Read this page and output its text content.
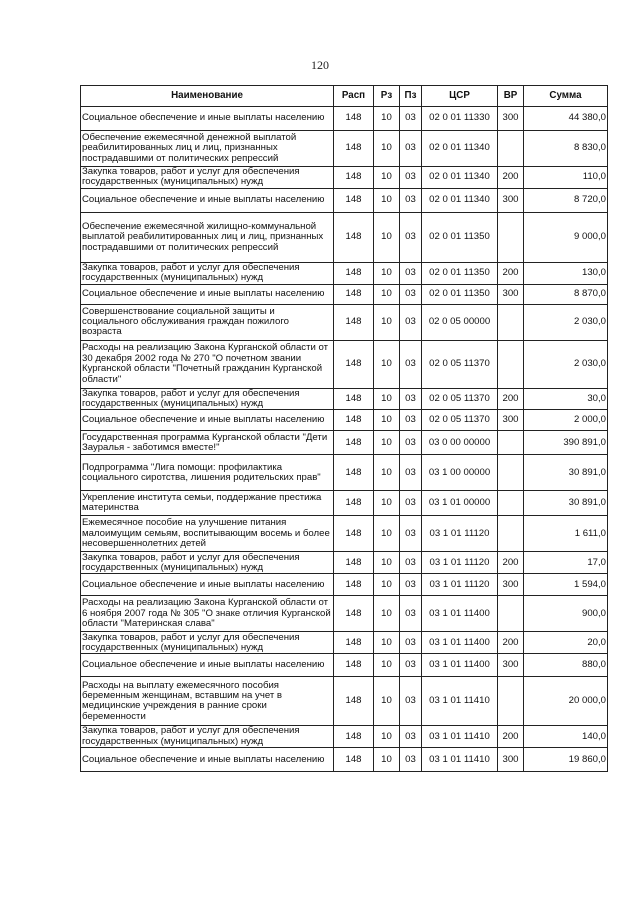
120
Наименование	Расп	Рз	Пз	ЦСР	ВР	Сумма
Социальное обеспечение и иные выплаты населению	148	10	03	02 0 01 11330	300	44 380,0
Обеспечение ежемесячной денежной выплатой реабилитированных лиц и лиц, признанных пострадавшими от политических репрессий	148	10	03	02 0 01 11340		8 830,0
Закупка товаров, работ и услуг для обеспечения государственных (муниципальных) нужд	148	10	03	02 0 01 11340	200	110,0
Социальное обеспечение и иные выплаты населению	148	10	03	02 0 01 11340	300	8 720,0
Обеспечение ежемесячной жилищно-коммунальной выплатой реабилитированных лиц и лиц, признанных пострадавшими от политических репрессий	148	10	03	02 0 01 11350		9 000,0
Закупка товаров, работ и услуг для обеспечения государственных (муниципальных) нужд	148	10	03	02 0 01 11350	200	130,0
Социальное обеспечение и иные выплаты населению	148	10	03	02 0 01 11350	300	8 870,0
Совершенствование социальной защиты и социального обслуживания граждан пожилого возраста	148	10	03	02 0 05 00000		2 030,0
Расходы на реализацию Закона Курганской области от 30 декабря 2002 года № 270 "О почетном звании Курганской области "Почетный гражданин Курганской области"	148	10	03	02 0 05 11370		2 030,0
Закупка товаров, работ и услуг для обеспечения государственных (муниципальных) нужд	148	10	03	02 0 05 11370	200	30,0
Социальное обеспечение и иные выплаты населению	148	10	03	02 0 05 11370	300	2 000,0
Государственная программа Курганской области "Дети Зауралья - заботимся вместе!"	148	10	03	03 0 00 00000		390 891,0
Подпрограмма "Лига помощи: профилактика социального сиротства, лишения родительских прав"	148	10	03	03 1 00 00000		30 891,0
Укрепление института семьи, поддержание престижа материнства	148	10	03	03 1 01 00000		30 891,0
Ежемесячное пособие на улучшение питания малоимущим семьям, воспитывающим восемь и более несовершеннолетних детей	148	10	03	03 1 01 11120		1 611,0
Закупка товаров, работ и услуг для обеспечения государственных (муниципальных) нужд	148	10	03	03 1 01 11120	200	17,0
Социальное обеспечение и иные выплаты населению	148	10	03	03 1 01 11120	300	1 594,0
Расходы на реализацию Закона Курганской области от 6 ноября 2007 года № 305 "О знаке отличия Курганской области "Материнская слава"	148	10	03	03 1 01 11400		900,0
Закупка товаров, работ и услуг для обеспечения государственных (муниципальных) нужд	148	10	03	03 1 01 11400	200	20,0
Социальное обеспечение и иные выплаты населению	148	10	03	03 1 01 11400	300	880,0
Расходы на выплату ежемесячного пособия беременным женщинам, вставшим на учет в медицинские учреждения в ранние сроки беременности	148	10	03	03 1 01 11410		20 000,0
Закупка товаров, работ и услуг для обеспечения государственных (муниципальных) нужд	148	10	03	03 1 01 11410	200	140,0
Социальное обеспечение и иные выплаты населению	148	10	03	03 1 01 11410	300	19 860,0
